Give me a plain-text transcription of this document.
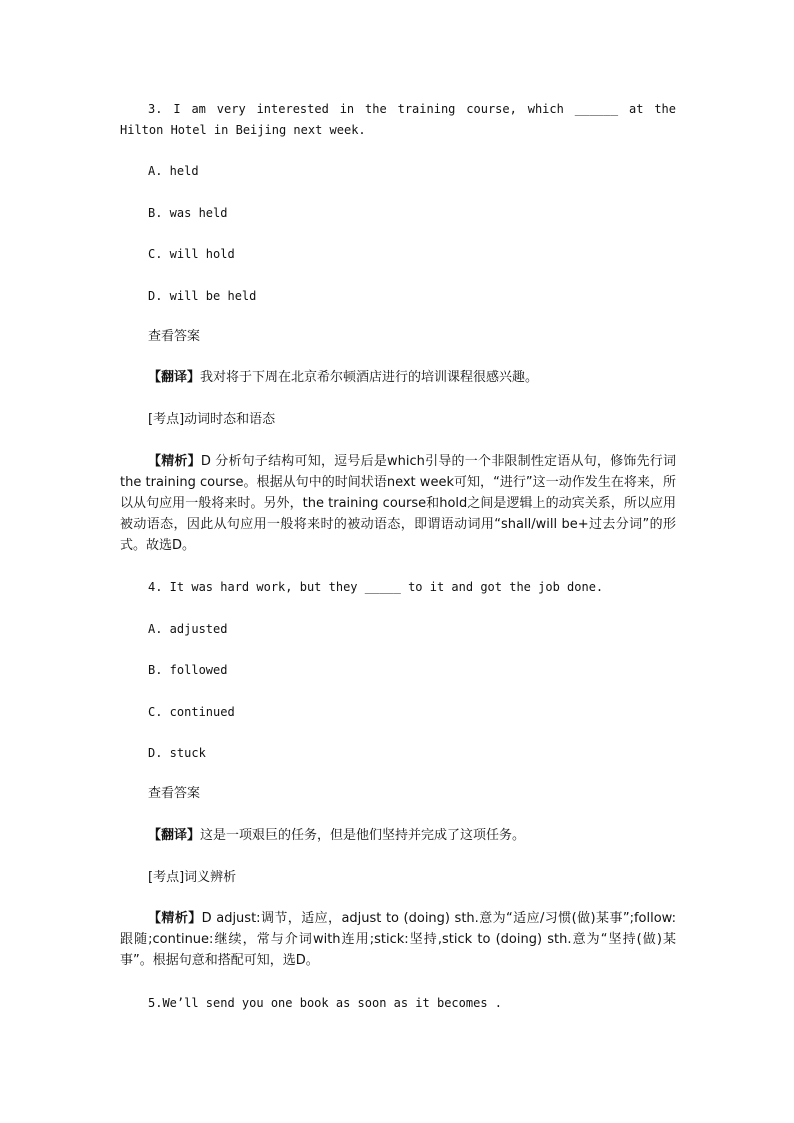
3. I am very interested in the training course, which ______ at the Hilton Hotel in Beijing next week.
A. held
B. was held
C. will hold
D. will be held
查看答案
【翻译】我对将于下周在北京希尔顿酒店进行的培训课程很感兴趣。
[考点]动词时态和语态
【精析】D 分析句子结构可知，逗号后是which引导的一个非限制性定语从句，修饰先行词the training course。根据从句中的时间状语next week可知，“进行”这一动作发生在将来，所以从句应用一般将来时。另外，the training course和hold之间是逻辑上的动宾关系，所以应用被动语态，因此从句应用一般将来时的被动语态，即谓语动词用“shall/will be+过去分词”的形式。故选D。
4. It was hard work, but they _____ to it and got the job done.
A. adjusted
B. followed
C. continued
D. stuck
查看答案
【翻译】这是一项艰巨的任务，但是他们坚持并完成了这项任务。
[考点]词义辨析
【精析】D adjust:调节，适应，adjust to (doing) sth.意为“适应/习惯(做)某事”;follow:跟随;continue:继续，常与介词with连用;stick:坚持,stick to (doing) sth.意为“坚持(做)某事”。根据句意和搭配可知，选D。
5.We’ll send you one book as soon as it becomes .
